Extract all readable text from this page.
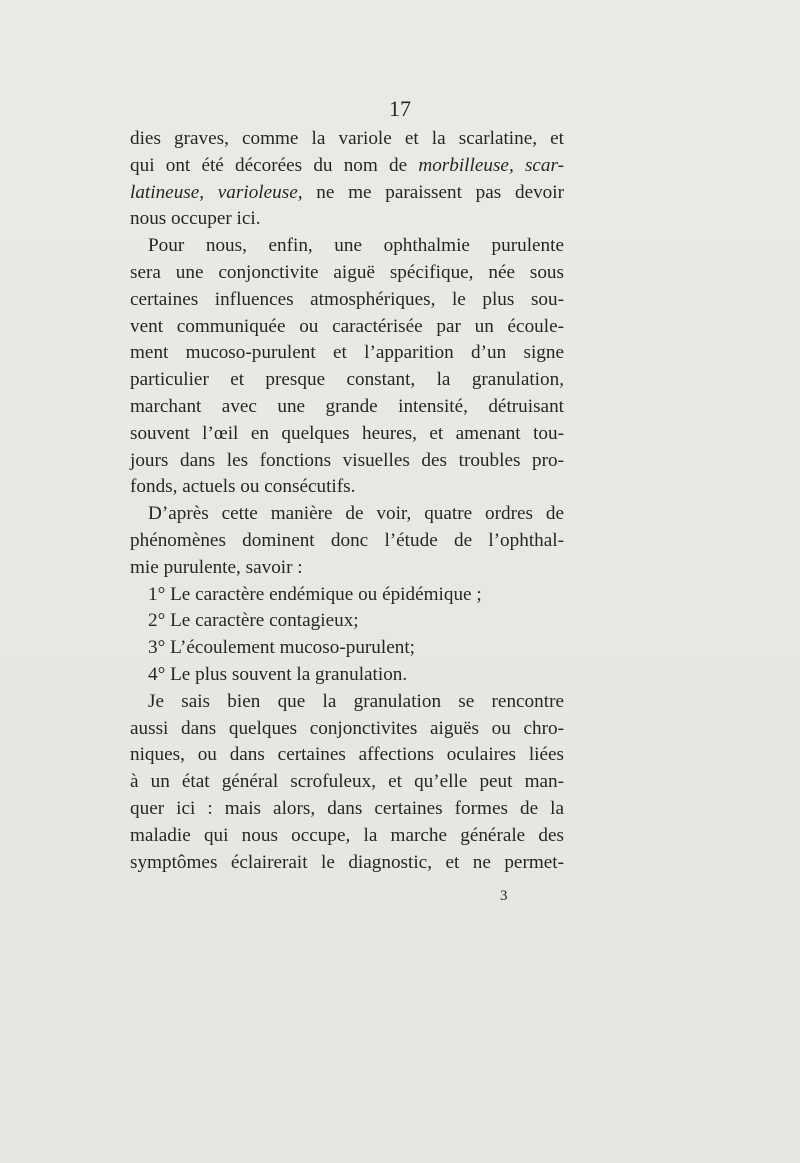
17
dies graves, comme la variole et la scarlatine, et
qui ont été décorées du nom de morbilleuse, scar-
latineuse, varioleuse, ne me paraissent pas devoir
nous occuper ici.
Pour nous, enfin, une ophthalmie purulente
sera une conjonctivite aiguë spécifique, née sous
certaines influences atmosphériques, le plus sou-
vent communiquée ou caractérisée par un écoule-
ment mucoso-purulent et l’apparition d’un signe
particulier et presque constant, la granulation,
marchant avec une grande intensité, détruisant
souvent l’œil en quelques heures, et amenant tou-
jours dans les fonctions visuelles des troubles pro-
fonds, actuels ou consécutifs.
D’après cette manière de voir, quatre ordres de
phénomènes dominent donc l’étude de l’ophthal-
mie purulente, savoir :
1° Le caractère endémique ou épidémique ;
2° Le caractère contagieux;
3° L’écoulement mucoso-purulent;
4° Le plus souvent la granulation.
Je sais bien que la granulation se rencontre
aussi dans quelques conjonctivites aiguës ou chro-
niques, ou dans certaines affections oculaires liées
à un état général scrofuleux, et qu’elle peut man-
quer ici : mais alors, dans certaines formes de la
maladie qui nous occupe, la marche générale des
symptômes éclairerait le diagnostic, et ne permet-
3
